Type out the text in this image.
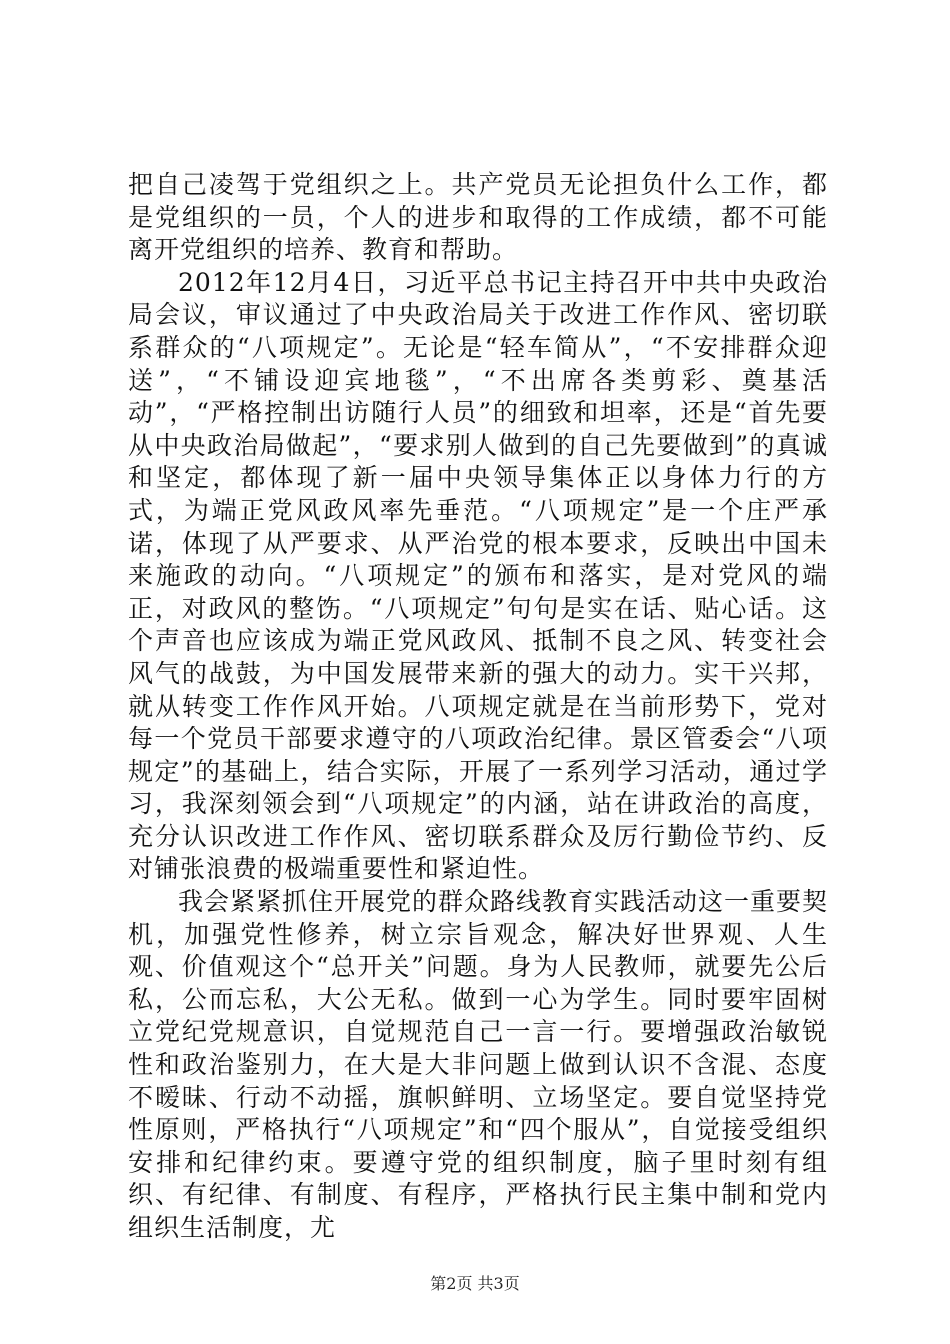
把自己凌驾于党组织之上。共产党员无论担负什么工作，都是党组织的一员，个人的进步和取得的工作成绩，都不可能离开党组织的培养、教育和帮助。

2012年12月4日，习近平总书记主持召开中共中央政治局会议，审议通过了中央政治局关于改进工作作风、密切联系群众的“八项规定”。无论是“轻车简从”，“不安排群众迎送”，“不铺设迎宾地毯”，“不出席各类剪彩、奠基活动”，“严格控制出访随行人员”的细致和坦率，还是“首先要从中央政治局做起”，“要求别人做到的自己先要做到”的真诚和坚定，都体现了新一届中央领导集体正以身体力行的方式，为端正党风政风率先垂范。“八项规定”是一个庄严承诺，体现了从严要求、从严治党的根本要求，反映出中国未来施政的动向。“八项规定”的颁布和落实，是对党风的端正，对政风的整饬。“八项规定”句句是实在话、贴心话。这个声音也应该成为端正党风政风、抵制不良之风、转变社会风气的战鼓，为中国发展带来新的强大的动力。实干兴邦，就从转变工作作风开始。八项规定就是在当前形势下，党对每一个党员干部要求遵守的八项政治纪律。景区管委会“八项规定”的基础上，结合实际，开展了一系列学习活动，通过学习，我深刻领会到“八项规定”的内涵，站在讲政治的高度，充分认识改进工作作风、密切联系群众及厉行勤俭节约、反对铺张浪费的极端重要性和紧迫性。

我会紧紧抓住开展党的群众路线教育实践活动这一重要契机，加强党性修养，树立宗旨观念，解决好世界观、人生观、价值观这个“总开关”问题。身为人民教师，就要先公后私，公而忘私，大公无私。做到一心为学生。同时要牢固树立党纪党规意识，自觉规范自己一言一行。要增强政治敏锐性和政治鉴别力，在大是大非问题上做到认识不含混、态度不暧昧、行动不动摇，旗帜鲜明、立场坚定。要自觉坚持党性原则，严格执行“八项规定”和“四个服从”，自觉接受组织安排和纪律约束。要遵守党的组织制度，脑子里时刻有组织、有纪律、有制度、有程序，严格执行民主集中制和党内组织生活制度，尤

第2页 共3页
